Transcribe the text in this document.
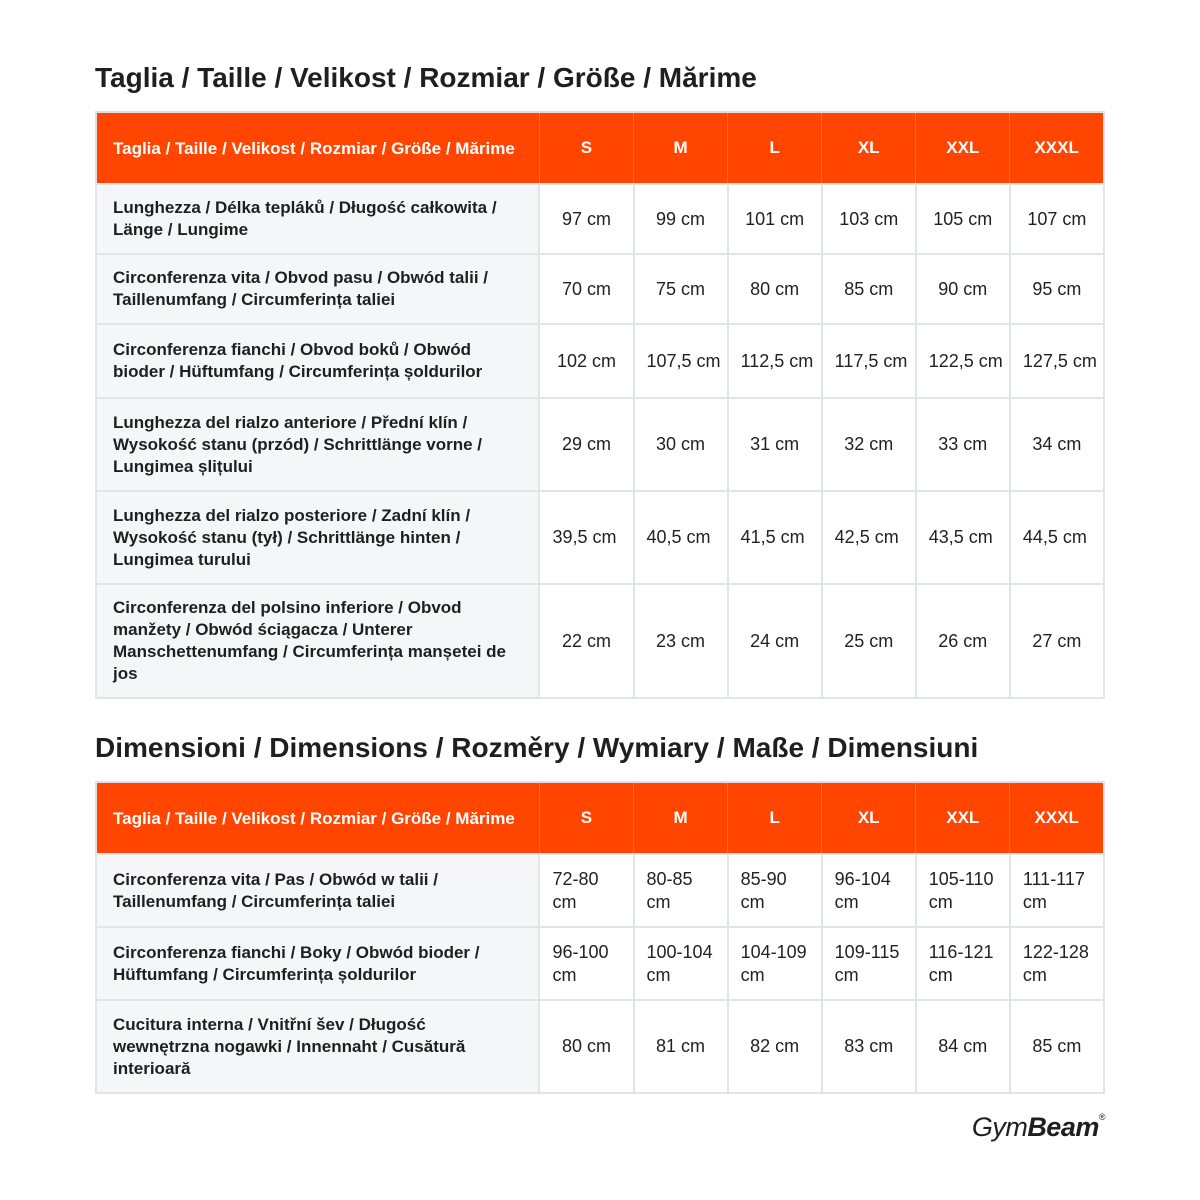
Taglia / Taille / Velikost / Rozmiar / Größe / Mărime
Taglia / Taille / Velikost / Rozmiar / Größe / Mărime	S	M	L	XL	XXL	XXXL
Lunghezza / Délka tepláků / Długość całkowita / Länge / Lungime	97 cm	99 cm	101 cm	103 cm	105 cm	107 cm
Circonferenza vita / Obvod pasu / Obwód talii / Taillenumfang / Circumferința taliei	70 cm	75 cm	80 cm	85 cm	90 cm	95 cm
Circonferenza fianchi / Obvod boků / Obwód bioder / Hüftumfang / Circumferința șoldurilor	102 cm	107,5 cm	112,5 cm	117,5 cm	122,5 cm	127,5 cm
Lunghezza del rialzo anteriore / Přední klín / Wysokość stanu (przód) / Schrittlänge vorne / Lungimea șlițului	29 cm	30 cm	31 cm	32 cm	33 cm	34 cm
Lunghezza del rialzo posteriore / Zadní klín / Wysokość stanu (tył) / Schrittlänge hinten / Lungimea turului	39,5 cm	40,5 cm	41,5 cm	42,5 cm	43,5 cm	44,5 cm
Circonferenza del polsino inferiore / Obvod manžety / Obwód ściągacza / Unterer Manschettenumfang / Circumferința manșetei de jos	22 cm	23 cm	24 cm	25 cm	26 cm	27 cm
Dimensioni / Dimensions / Rozměry / Wymiary / Maße / Dimensiuni
Taglia / Taille / Velikost / Rozmiar / Größe / Mărime	S	M	L	XL	XXL	XXXL
Circonferenza vita / Pas / Obwód w talii / Taillenumfang / Circumferința taliei	72-80 cm	80-85 cm	85-90 cm	96-104 cm	105-110 cm	111-117 cm
Circonferenza fianchi / Boky / Obwód bioder / Hüftumfang / Circumferința șoldurilor	96-100 cm	100-104 cm	104-109 cm	109-115 cm	116-121 cm	122-128 cm
Cucitura interna / Vnitřní šev / Długość wewnętrzna nogawki / Innennaht / Cusătură interioară	80 cm	81 cm	82 cm	83 cm	84 cm	85 cm
GymBeam®
